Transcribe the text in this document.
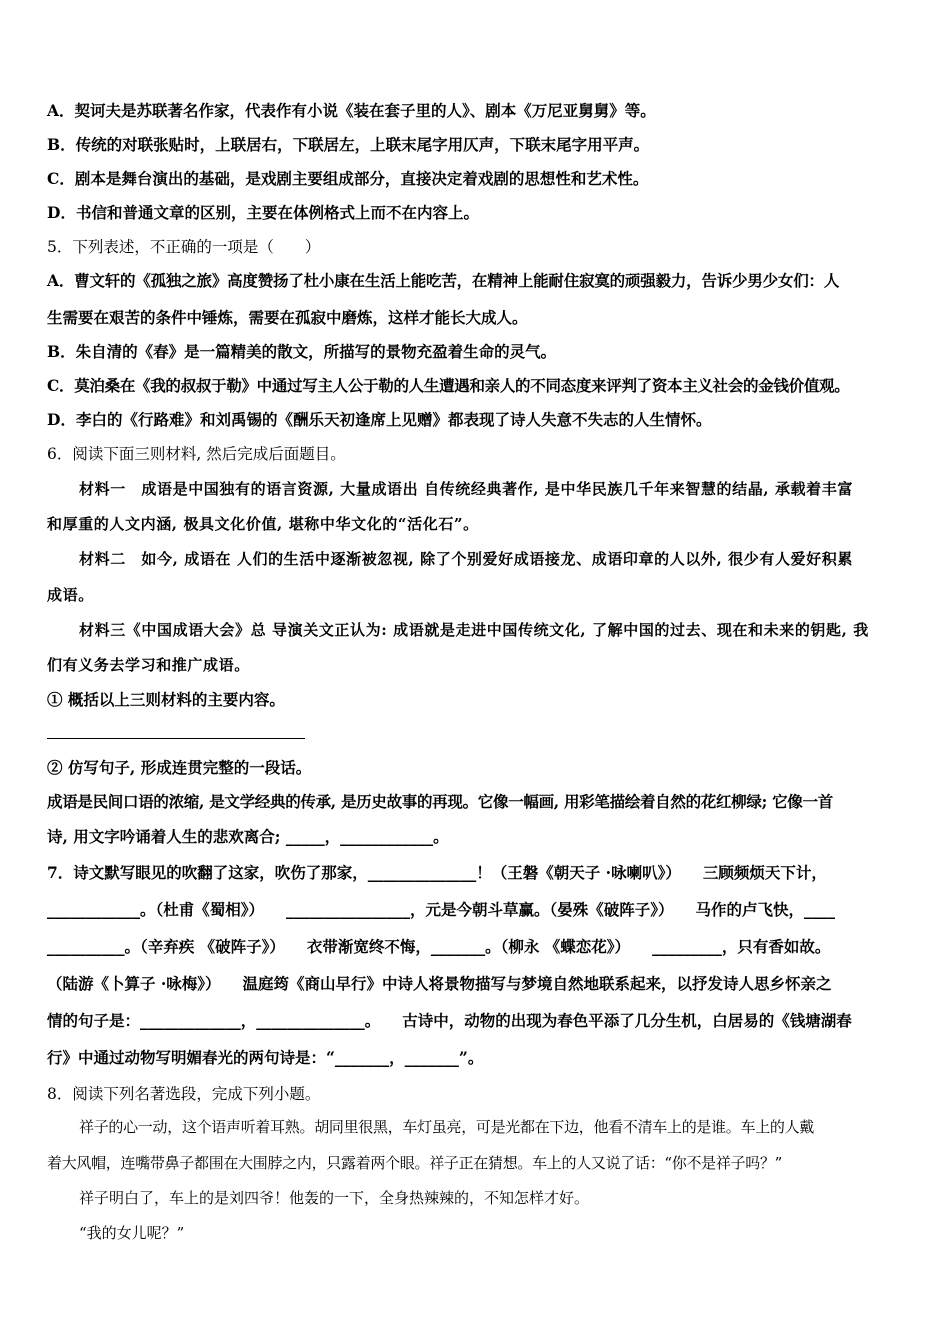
A．契诃夫是苏联著名作家，代表作有小说《装在套子里的人》、剧本《万尼亚舅舅》等。
B．传统的对联张贴时，上联居右，下联居左，上联末尾字用仄声，下联末尾字用平声。
C．剧本是舞台演出的基础，是戏剧主要组成部分，直接决定着戏剧的思想性和艺术性。
D．书信和普通文章的区别，主要在体例格式上而不在内容上。
5．下列表述，不正确的一项是（　　）
A．曹文轩的《孤独之旅》高度赞扬了杜小康在生活上能吃苦，在精神上能耐住寂寞的顽强毅力，告诉少男少女们：人
生需要在艰苦的条件中锤炼，需要在孤寂中磨炼，这样才能长大成人。
B．朱自清的《春》是一篇精美的散文，所描写的景物充盈着生命的灵气。
C．莫泊桑在《我的叔叔于勒》中通过写主人公于勒的人生遭遇和亲人的不同态度来评判了资本主义社会的金钱价值观。
D．李白的《行路难》和刘禹锡的《酬乐天初逢席上见赠》都表现了诗人失意不失志的人生情怀。
6．阅读下面三则材料, 然后完成后面题目。
材料一　成语是中国独有的语言资源, 大量成语出 自传统经典著作, 是中华民族几千年来智慧的结晶, 承载着丰富
和厚重的人文内涵, 极具文化价值, 堪称中华文化的“活化石”。
材料二　如今, 成语在 人们的生活中逐渐被忽视, 除了个别爱好成语接龙、成语印章的人以外, 很少有人爱好积累
成语。
材料三《中国成语大会》总 导演关文正认为: 成语就是走进中国传统文化, 了解中国的过去、现在和未来的钥匙, 我
们有义务去学习和推广成语。
① 概括以上三则材料的主要内容。
② 仿写句子, 形成连贯完整的一段话。
成语是民间口语的浓缩, 是文学经典的传承, 是历史故事的再现。它像一幅画, 用彩笔描绘着自然的花红柳绿; 它像一首
诗, 用文字吟诵着人生的悲欢离合; _____，____________。
7．诗文默写眼见的吹翻了这家，吹伤了那家，______________！（王磐《朝天子 ·咏喇叭》） 三顾频烦天下计，
____________。（杜甫《蜀相》） ________________，元是今朝斗草赢。（晏殊《破阵子》） 马作的卢飞快，____
__________。（辛弃疾 《破阵子》） 衣带渐宽终不悔，_______。（柳永 《蝶恋花》） _________，只有香如故。
（陆游《卜算子 ·咏梅》） 温庭筠《商山早行》中诗人将景物描写与梦境自然地联系起来，以抒发诗人思乡怀亲之
情的句子是：_____________，______________。 古诗中，动物的出现为春色平添了几分生机，白居易的《钱塘湖春
行》中通过动物写明媚春光的两句诗是：“_______，_______”。
8．阅读下列名著选段，完成下列小题。
祥子的心一动，这个语声听着耳熟。胡同里很黑，车灯虽亮，可是光都在下边，他看不清车上的是谁。车上的人戴
着大风帽，连嘴带鼻子都围在大围脖之内，只露着两个眼。祥子正在猜想。车上的人又说了话：“你不是祥子吗？”
祥子明白了，车上的是刘四爷！他轰的一下，全身热辣辣的，不知怎样才好。
“我的女儿呢？”
